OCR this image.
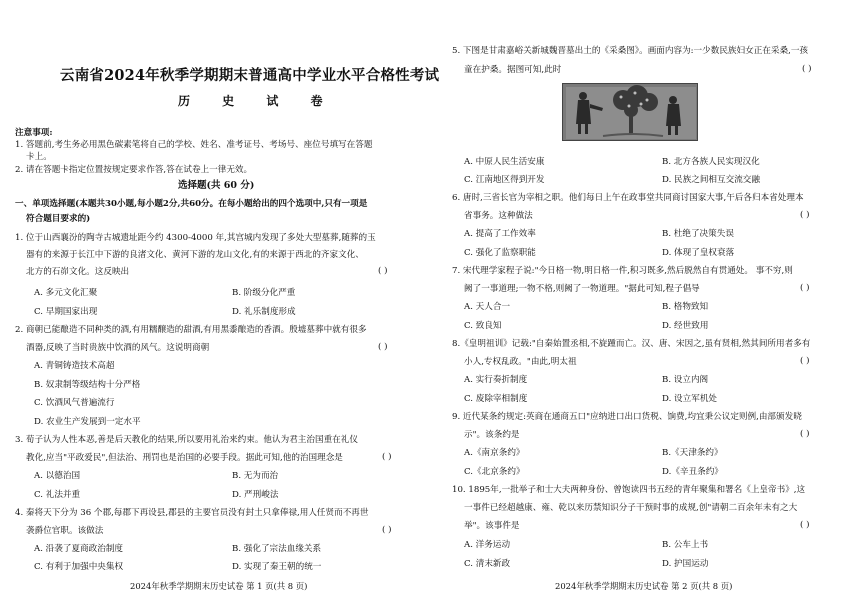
云南省2024年秋季学期期末普通高中学业水平合格性考试
历 史 试 卷
注意事项:
1. 答题前,考生务必用黑色碳素笔将自己的学校、姓名、准考证号、考场号、座位号填写在答题
卡上。
2. 请在答题卡指定位置按规定要求作答,答在试卷上一律无效。
选择题(共 60 分)
一、单项选择题(本题共30小题,每小题2分,共60分。在每小题给出的四个选项中,只有一项是
符合题目要求的)
1. 位于山西襄汾的陶寺古城遗址距今约 4300-4000 年,其宫城内发现了多处大型墓葬,随葬的玉
器有的来源于长江中下游的良渚文化、黄河下游的龙山文化,有的来源于西北的齐家文化、
北方的石峁文化。这反映出	( )
A. 多元文化汇聚	B. 阶级分化严重
C. 早期国家出现	D. 礼乐制度形成
2. 商朝已能酿造不同种类的酒,有用糯醸造的甜酒,有用黑黍酿造的香酒。殷墟墓葬中就有很多
酒器,反映了当时贵族中饮酒的风气。这说明商朝	( )
A. 青铜铸造技术高超
B. 奴隶制等级结构十分严格
C. 饮酒风气普遍流行
D. 农业生产发展到一定水平
3. 荀子认为人性本恶,善是后天教化的结果,所以要用礼治来约束。他认为君主治国重在礼仪
教化,应当"平政爱民",但法治、刑罚也是治国的必要手段。据此可知,他的治国理念是	( )
A. 以德治国	B. 无为而治
C. 礼法并重	D. 严刑峻法
4. 秦将天下分为 36 个郡,每郡下再设县,郡县的主要官员没有封土只拿俸禄,用人任贤而不再世
袭爵位官职。该做法	( )
A. 沿袭了夏商政治制度	B. 强化了宗法血缘关系
C. 有利于加强中央集权	D. 实现了秦王朝的统一
2024年秋季学期期末历史试卷 第 1 页(共 8 页)
5. 下图是甘肃嘉峪关新城魏晋墓出土的《采桑图》。画面内容为:一少数民族妇女正在采桑,一孩
童在护桑。据图可知,此时	( )
A. 中原人民生活安康	B. 北方各族人民实现汉化
C. 江南地区得到开发	D. 民族之间相互交流交融
6. 唐时,三省长官为宰相之职。他们每日上午在政事堂共同商讨国家大事,午后各归本省处理本
省事务。这种做法	( )
A. 提高了工作效率	B. 杜绝了决策失误
C. 强化了监察职能	D. 体现了皇权衰落
7. 宋代理学家程子说:"今日格一物,明日格一件,积习既多,然后脱然自有贯通处。 事不穷,则
阙了一事道理;一物不格,则阙了一物道理。"据此可知,程子倡导	( )
A. 天人合一	B. 格物致知
C. 致良知	D. 经世致用
8.《皇明祖训》记载:"自秦始置丞相,不旋踵而亡。汉、唐、宋因之,虽有贤相,然其间所用者多有
小人,专权乱政。"由此,明太祖	( )
A. 实行奏折制度	B. 设立内阁
C. 废除宰相制度	D. 设立军机处
9. 近代某条约规定:英商在通商五口"应纳进口出口货税、饷费,均宜秉公议定则例,由部颁发晓
示"。该条约是	( )
A.《南京条约》	B.《天津条约》
C.《北京条约》	D.《辛丑条约》
10. 1895年,一批举子和士大夫两种身份、曾饱读四书五经的青年聚集和署名《上皇帝书》,这
一事件已经超越康、雍、乾以来历禁知识分子干预时事的成规,创"请朝二百余年未有之大
举"。该事件是	( )
A. 洋务运动	B. 公车上书
C. 清末新政	D. 护国运动
2024年秋季学期期末历史试卷 第 2 页(共 8 页)
